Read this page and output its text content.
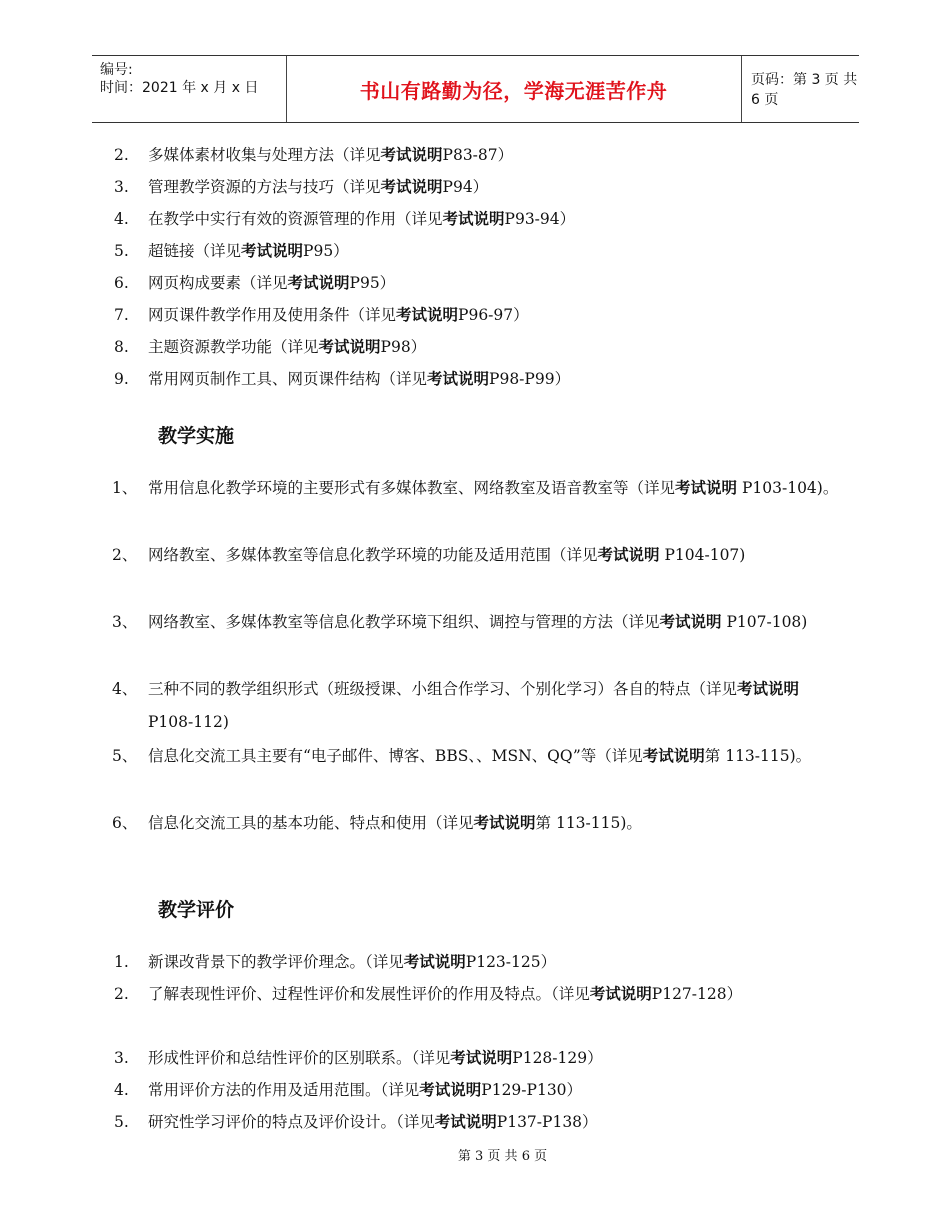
编号:
时间：2021 年 x 月 x 日	书山有路勤为径，学海无涯苦作舟	页码：第 3 页 共 6 页
2.	多媒体素材收集与处理方法（详见考试说明P83-87）
3.	管理教学资源的方法与技巧（详见考试说明P94）
4.	在教学中实行有效的资源管理的作用（详见考试说明P93-94）
5.	超链接（详见考试说明P95）
6.	网页构成要素（详见考试说明P95）
7.	网页课件教学作用及使用条件（详见考试说明P96-97）
8.	主题资源教学功能（详见考试说明P98）
9.	常用网页制作工具、网页课件结构（详见考试说明P98-P99）
教学实施
1、 常用信息化教学环境的主要形式有多媒体教室、网络教室及语音教室等（详见考试说明 P103-104)。
2、 网络教室、多媒体教室等信息化教学环境的功能及适用范围（详见考试说明 P104-107)
3、 网络教室、多媒体教室等信息化教学环境下组织、调控与管理的方法（详见考试说明 P107-108)
4、 三种不同的教学组织形式（班级授课、小组合作学习、个别化学习）各自的特点（详见考试说明 P108-112)
5、 信息化交流工具主要有“电子邮件、博客、BBS、、MSN、QQ”等（详见考试说明第 113-115)。
6、 信息化交流工具的基本功能、特点和使用（详见考试说明第 113-115)。
教学评价
1.	新课改背景下的教学评价理念。（详见考试说明P123-125）
2.	了解表现性评价、过程性评价和发展性评价的作用及特点。（详见考试说明P127-128）
3.	形成性评价和总结性评价的区别联系。（详见考试说明P128-129）
4.	常用评价方法的作用及适用范围。（详见考试说明P129-P130）
5.	研究性学习评价的特点及评价设计。（详见考试说明P137-P138）
第 3 页 共 6 页
